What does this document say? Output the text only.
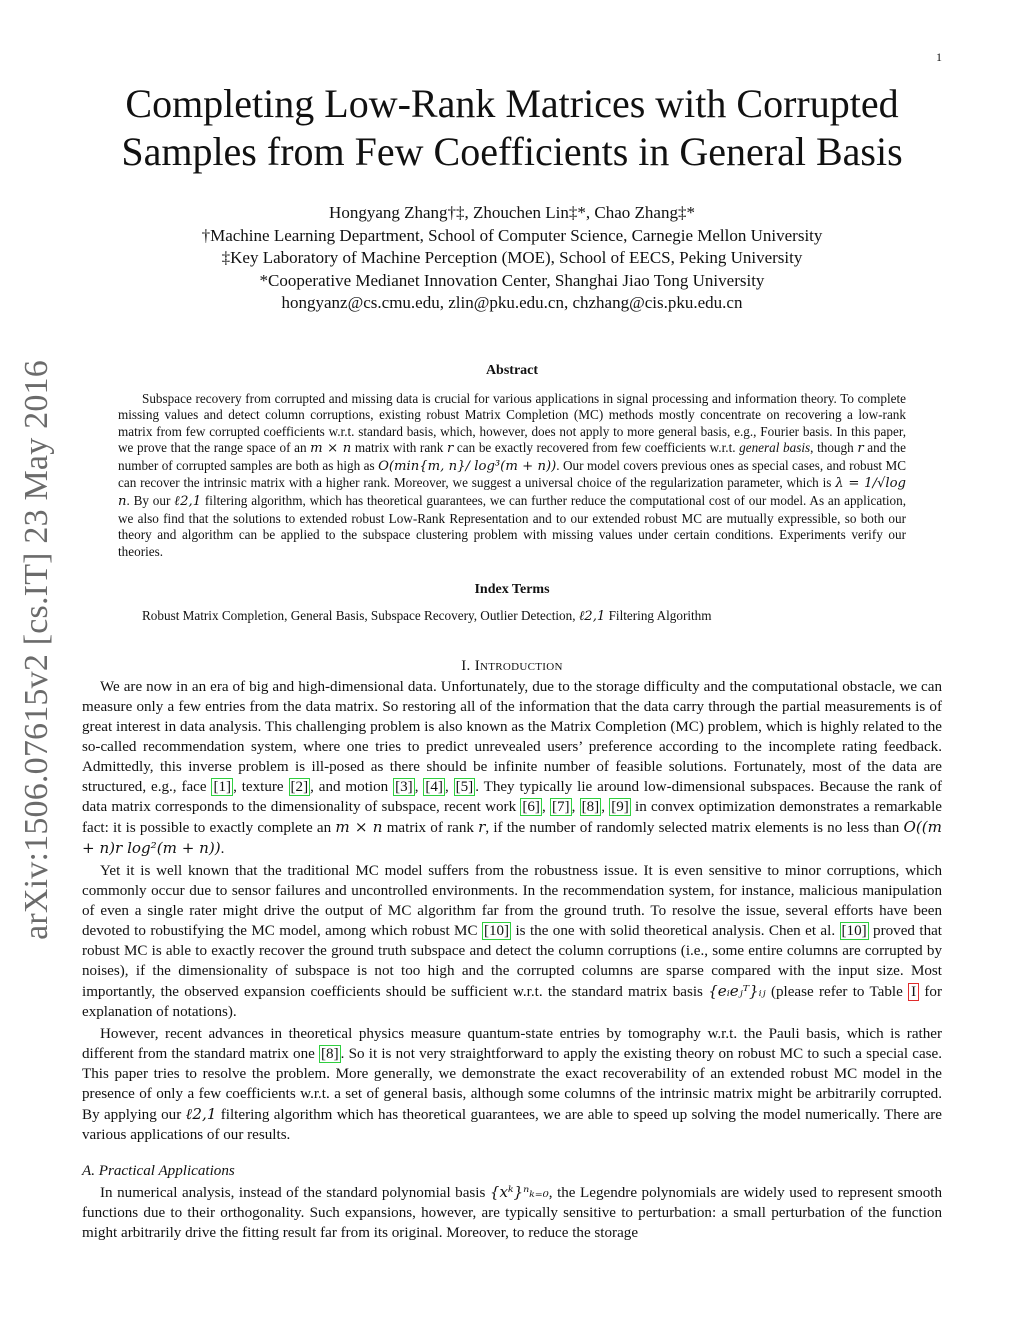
1
arXiv:1506.07615v2 [cs.IT] 23 May 2016
Completing Low-Rank Matrices with Corrupted
Samples from Few Coefficients in General Basis
Hongyang Zhang†‡, Zhouchen Lin‡*, Chao Zhang‡*
†Machine Learning Department, School of Computer Science, Carnegie Mellon University
‡Key Laboratory of Machine Perception (MOE), School of EECS, Peking University
*Cooperative Medianet Innovation Center, Shanghai Jiao Tong University
hongyanz@cs.cmu.edu, zlin@pku.edu.cn, chzhang@cis.pku.edu.cn
Abstract
Subspace recovery from corrupted and missing data is crucial for various applications in signal processing and information theory. To complete missing values and detect column corruptions, existing robust Matrix Completion (MC) methods mostly concentrate on recovering a low-rank matrix from few corrupted coefficients w.r.t. standard basis, which, however, does not apply to more general basis, e.g., Fourier basis. In this paper, we prove that the range space of an m × n matrix with rank r can be exactly recovered from few coefficients w.r.t. general basis, though r and the number of corrupted samples are both as high as O(min{m, n}/ log³(m + n)). Our model covers previous ones as special cases, and robust MC can recover the intrinsic matrix with a higher rank. Moreover, we suggest a universal choice of the regularization parameter, which is λ = 1/√log n. By our ℓ2,1 filtering algorithm, which has theoretical guarantees, we can further reduce the computational cost of our model. As an application, we also find that the solutions to extended robust Low-Rank Representation and to our extended robust MC are mutually expressible, so both our theory and algorithm can be applied to the subspace clustering problem with missing values under certain conditions. Experiments verify our theories.
Index Terms
Robust Matrix Completion, General Basis, Subspace Recovery, Outlier Detection, ℓ2,1 Filtering Algorithm
I. Introduction

We are now in an era of big and high-dimensional data. Unfortunately, due to the storage difficulty and the computational obstacle, we can measure only a few entries from the data matrix. So restoring all of the information that the data carry through the partial measurements is of great interest in data analysis. This challenging problem is also known as the Matrix Completion (MC) problem, which is highly related to the so-called recommendation system, where one tries to predict unrevealed users’ preference according to the incomplete rating feedback. Admittedly, this inverse problem is ill-posed as there should be infinite number of feasible solutions. Fortunately, most of the data are structured, e.g., face [1] , texture [2] , and motion [3] , [4] , [5] . They typically lie around low-dimensional subspaces. Because the rank of data matrix corresponds to the dimensionality of subspace, recent work [6] , [7] , [8] , [9] in convex optimization demonstrates a remarkable fact: it is possible to exactly complete an m × n matrix of rank r, if the number of randomly selected matrix elements is no less than O((m + n)r log²(m + n)).

Yet it is well known that the traditional MC model suffers from the robustness issue. It is even sensitive to minor corruptions, which commonly occur due to sensor failures and uncontrolled environments. In the recommendation system, for instance, malicious manipulation of even a single rater might drive the output of MC algorithm far from the ground truth. To resolve the issue, several efforts have been devoted to robustifying the MC model, among which robust MC [10] is the one with solid theoretical analysis. Chen et al. [10] proved that robust MC is able to exactly recover the ground truth subspace and detect the column corruptions (i.e., some entire columns are corrupted by noises), if the dimensionality of subspace is not too high and the corrupted columns are sparse compared with the input size. Most importantly, the observed expansion coefficients should be sufficient w.r.t. the standard matrix basis {eᵢeⱼᵀ}ᵢⱼ (please refer to Table I for explanation of notations).

However, recent advances in theoretical physics measure quantum-state entries by tomography w.r.t. the Pauli basis, which is rather different from the standard matrix one [8] . So it is not very straightforward to apply the existing theory on robust MC to such a special case. This paper tries to resolve the problem. More generally, we demonstrate the exact recoverability of an extended robust MC model in the presence of only a few coefficients w.r.t. a set of general basis, although some columns of the intrinsic matrix might be arbitrarily corrupted. By applying our ℓ2,1 filtering algorithm which has theoretical guarantees, we are able to speed up solving the model numerically. There are various applications of our results.

A. Practical Applications

In numerical analysis, instead of the standard polynomial basis {xᵏ}ⁿₖ₌₀, the Legendre polynomials are widely used to represent smooth functions due to their orthogonality. Such expansions, however, are typically sensitive to perturbation: a small perturbation of the function might arbitrarily drive the fitting result far from its original. Moreover, to reduce the storage
